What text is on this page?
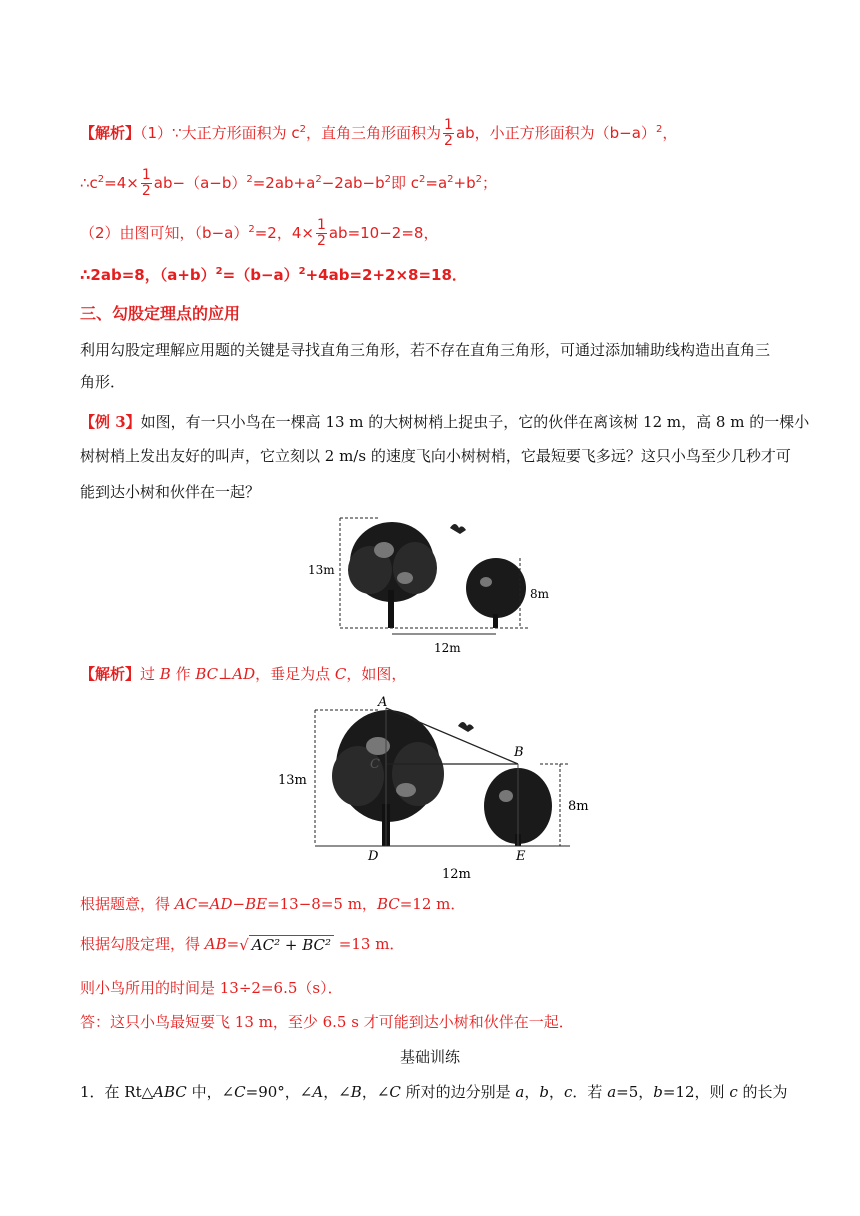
【解析】（1）∵大正方形面积为 $c^2$，直角三角形面积为 $\frac{1}{2}$ ab，小正方形面积为$(b-a)^2$，
$\therefore c^2=4\times \frac{1}{2} ab-(a-b)^2=2ab+a^2-2ab-b^2$即 $c^2=a^2+b^2$；
（2）由图可知，$(b-a)^2=2$，$4\times \frac{1}{2} ab=10-2=8$，
∴2ab=8，$(a+b)^2=(b-a)^2+4ab=2+2\times 8=18$．
三、勾股定理点的应用
利用勾股定理解应用题的关键是寻找直角三角形，若不存在直角三角形，可通过添加辅助线构造出直角三
角形．
【例 3】如图，有一只小鸟在一棵高 13 m 的大树树梢上捉虫子，它的伙伴在离该树 12 m，高 8 m 的一棵小
树树梢上发出友好的叫声，它立刻以 2 m/s 的速度飞向小树树梢，它最短要飞多远？这只小鸟至少几秒才可
能到达小树和伙伴在一起？
13m
8m
12m
【解析】过 B 作 BC⊥AD，垂足为点 C，如图，
13m
8m
A
B
C
D	E
12m
根据题意，得 AC=AD−BE=13−8=5 m，BC=12 m．
根据勾股定理，得 AB=√ AC² + BC² =13 m．
则小鸟所用的时间是 13÷2=6.5（s）．
答：这只小鸟最短要飞 13 m，至少 6.5 s 才可能到达小树和伙伴在一起．
基础训练
1．在 Rt△ABC 中，∠C=90°，∠A，∠B，∠C 所对的边分别是 a，b，c．若 a=5，b=12，则 c 的长为
